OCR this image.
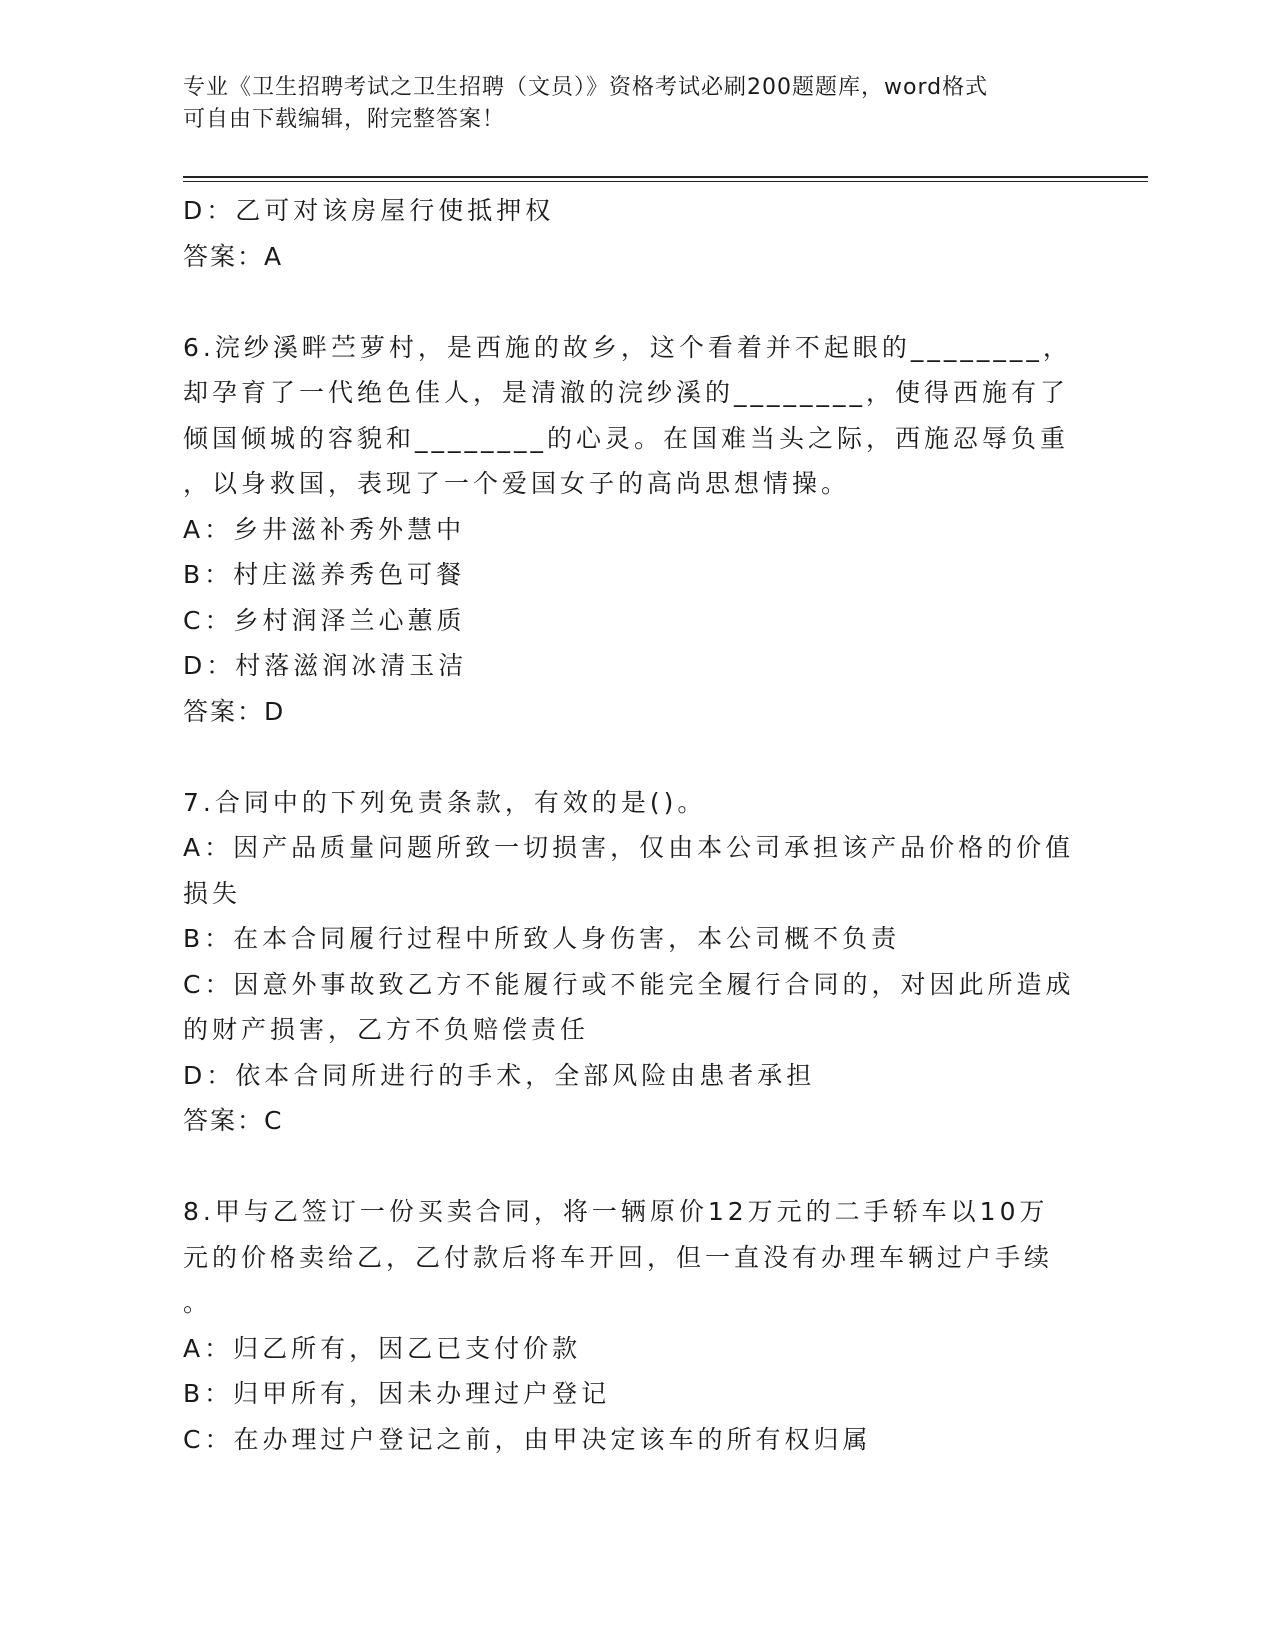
专业《卫生招聘考试之卫生招聘（文员）》资格考试必刷200题题库，word格式
可自由下载编辑，附完整答案！
D：乙可对该房屋行使抵押权
答案：A
6.浣纱溪畔苎萝村，是西施的故乡，这个看着并不起眼的________，
却孕育了一代绝色佳人，是清澈的浣纱溪的________，使得西施有了
倾国倾城的容貌和________的心灵。在国难当头之际，西施忍辱负重
，以身救国，表现了一个爱国女子的高尚思想情操。
A：乡井滋补秀外慧中
B：村庄滋养秀色可餐
C：乡村润泽兰心蕙质
D：村落滋润冰清玉洁
答案：D
7.合同中的下列免责条款，有效的是()。
A：因产品质量问题所致一切损害，仅由本公司承担该产品价格的价值
损失
B：在本合同履行过程中所致人身伤害，本公司概不负责
C：因意外事故致乙方不能履行或不能完全履行合同的，对因此所造成
的财产损害，乙方不负赔偿责任
D：依本合同所进行的手术，全部风险由患者承担
答案：C
8.甲与乙签订一份买卖合同，将一辆原价12万元的二手轿车以10万
元的价格卖给乙，乙付款后将车开回，但一直没有办理车辆过户手续
。
A：归乙所有，因乙已支付价款
B：归甲所有，因未办理过户登记
C：在办理过户登记之前，由甲决定该车的所有权归属
